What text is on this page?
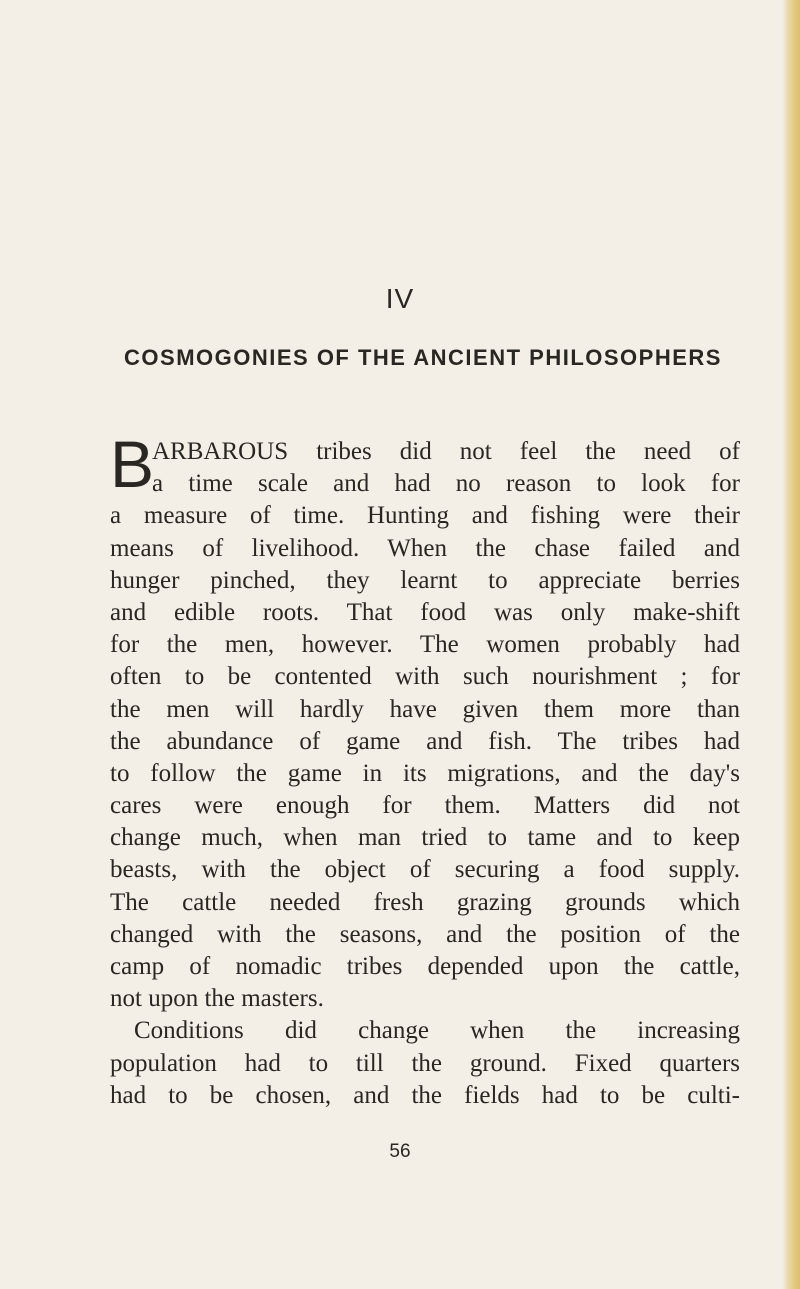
IV
COSMOGONIES OF THE ANCIENT PHILOSOPHERS
B
ARBAROUS tribes did not feel the need of
a time scale and had no reason to look for
a measure of time. Hunting and fishing were their
means of livelihood. When the chase failed and
hunger pinched, they learnt to appreciate berries
and edible roots. That food was only make-shift
for the men, however. The women probably had
often to be contented with such nourishment ; for
the men will hardly have given them more than
the abundance of game and fish. The tribes had
to follow the game in its migrations, and the day's
cares were enough for them. Matters did not
change much, when man tried to tame and to keep
beasts, with the object of securing a food supply.
The cattle needed fresh grazing grounds which
changed with the seasons, and the position of the
camp of nomadic tribes depended upon the cattle,
not upon the masters.
Conditions did change when the increasing
population had to till the ground. Fixed quarters
had to be chosen, and the fields had to be culti-
56
